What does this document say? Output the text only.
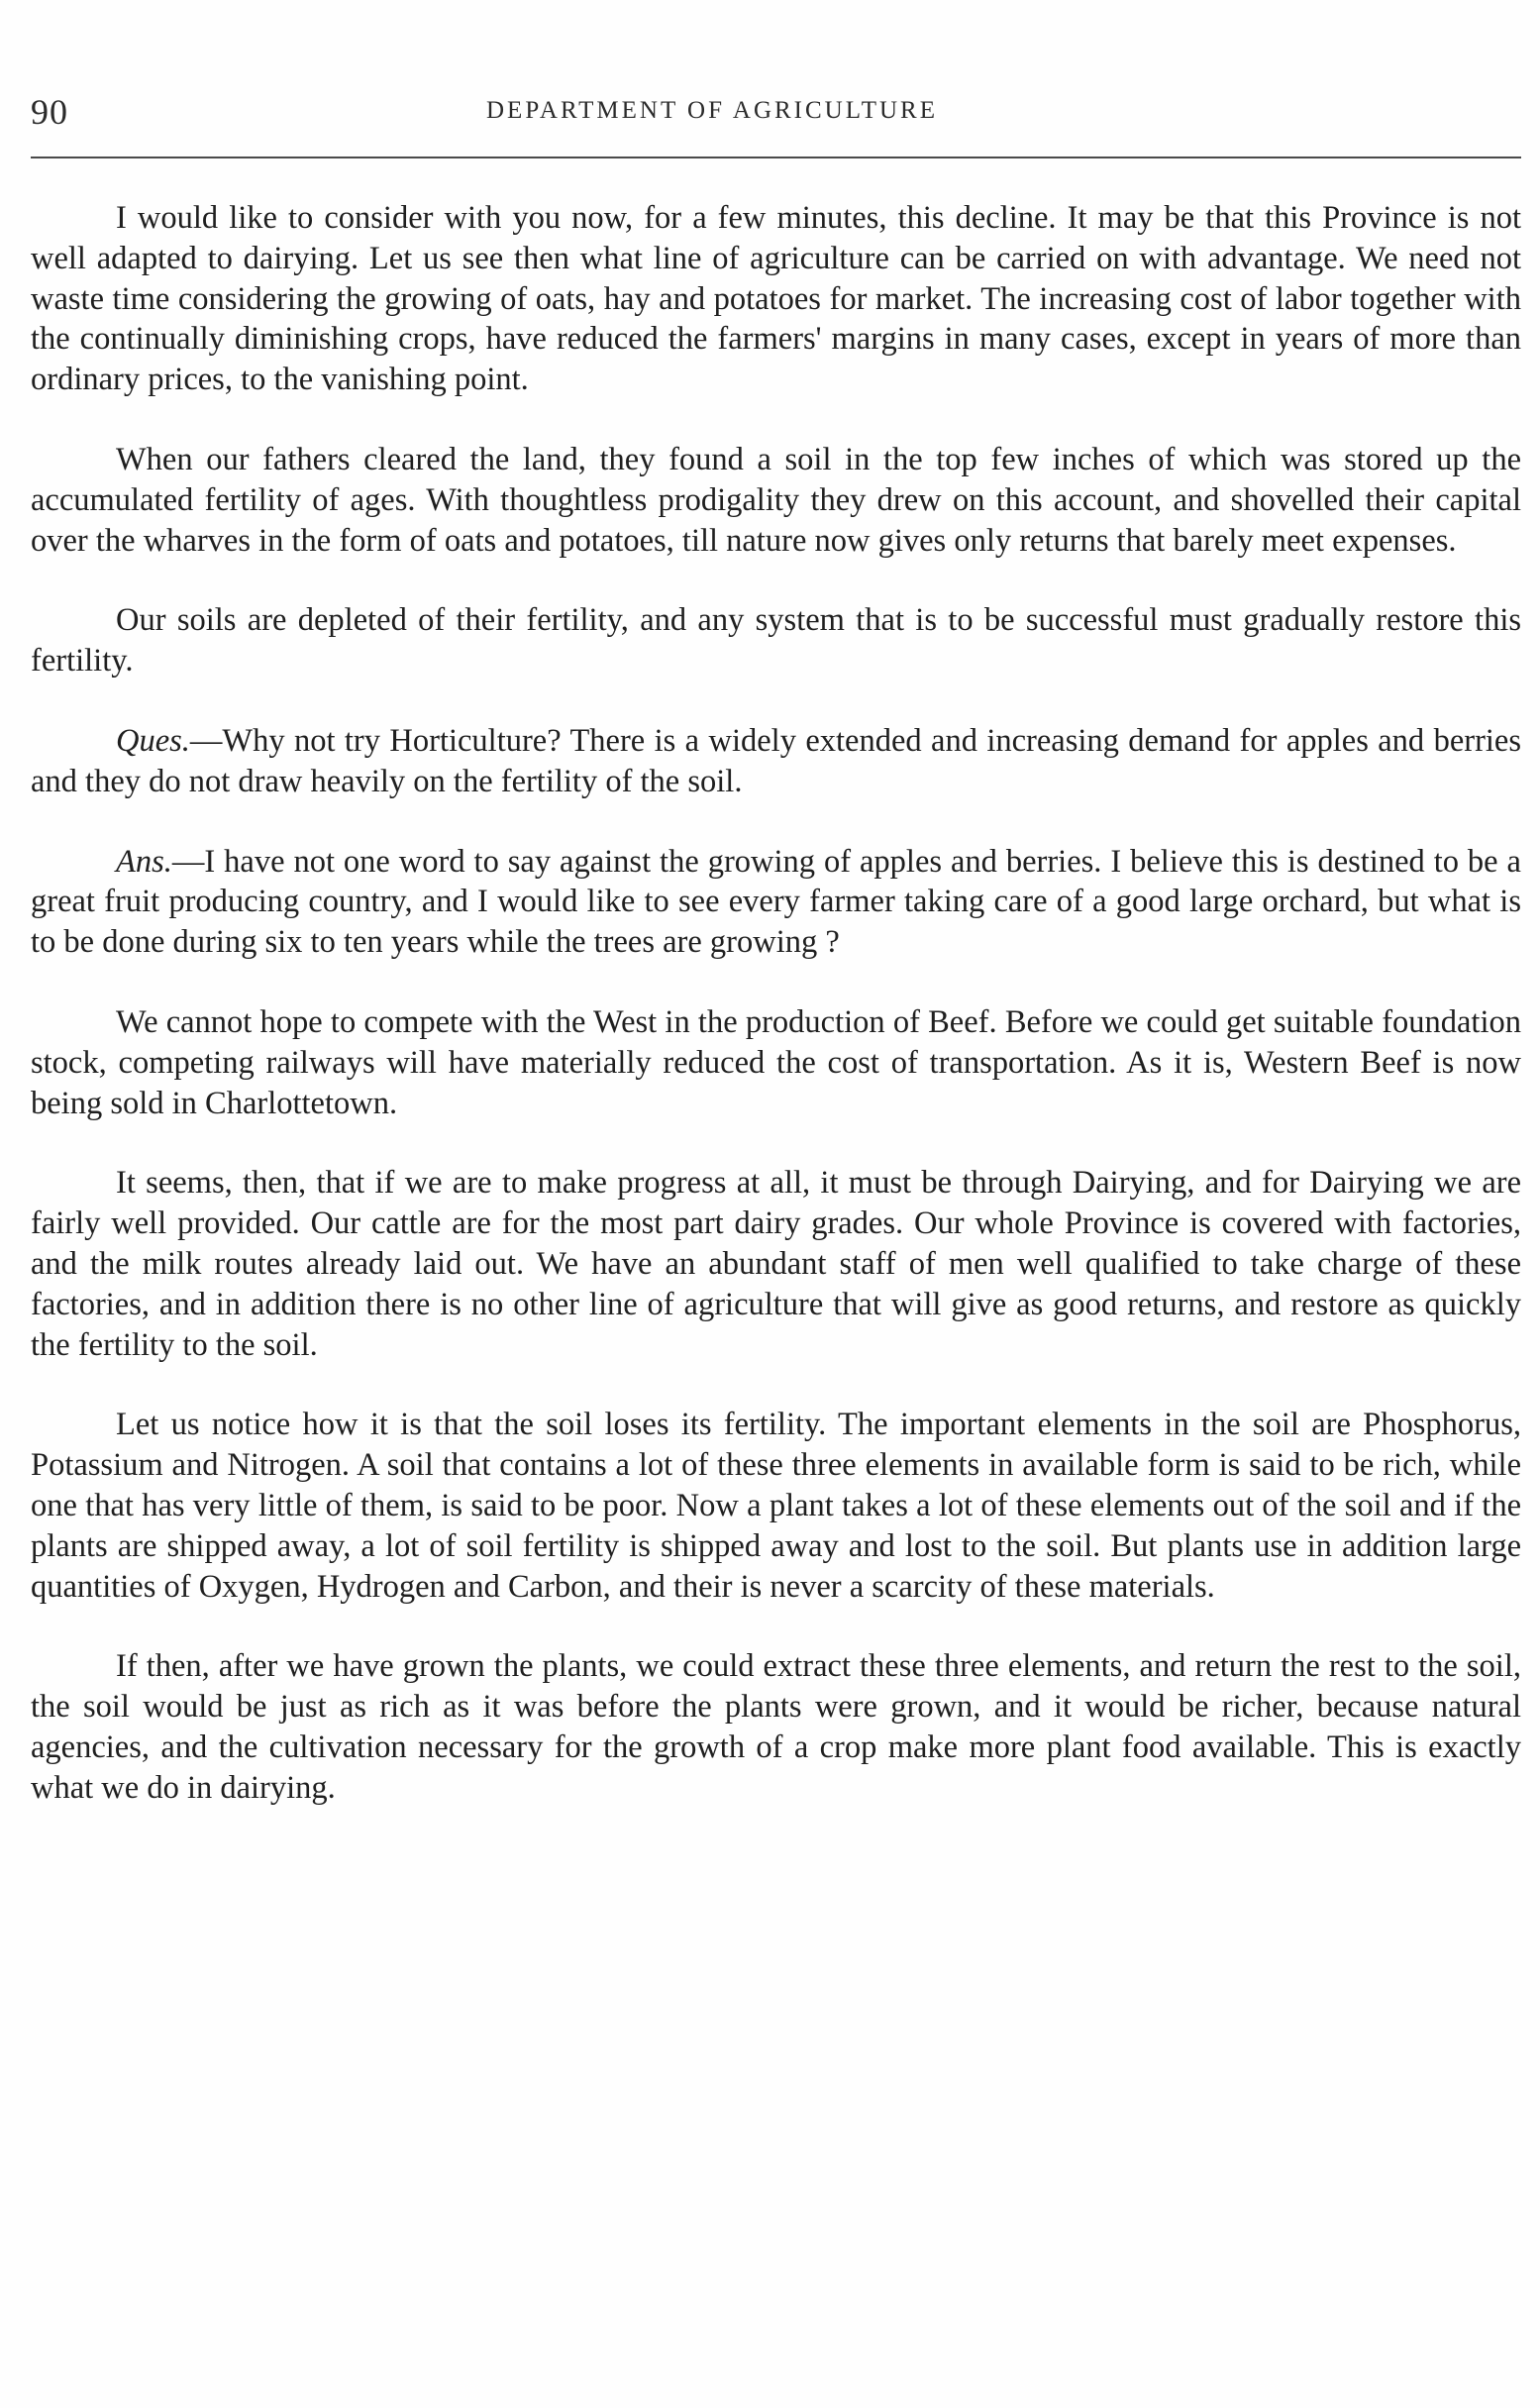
90	DEPARTMENT OF AGRICULTURE

I would like to consider with you now, for a few minutes, this decline. It may be that this Province is not well adapted to dairying. Let us see then what line of agriculture can be carried on with advantage. We need not waste time considering the growing of oats, hay and potatoes for market. The increasing cost of labor together with the continually diminishing crops, have reduced the farmers' margins in many cases, except in years of more than ordinary prices, to the vanishing point.

When our fathers cleared the land, they found a soil in the top few inches of which was stored up the accumulated fertility of ages. With thoughtless prodigality they drew on this account, and shovelled their capital over the wharves in the form of oats and potatoes, till nature now gives only returns that barely meet expenses.

Our soils are depleted of their fertility, and any system that is to be successful must gradually restore this fertility.

Ques.—Why not try Horticulture? There is a widely extended and increasing demand for apples and berries and they do not draw heavily on the fertility of the soil.

Ans.—I have not one word to say against the growing of apples and berries. I believe this is destined to be a great fruit producing country, and I would like to see every farmer taking care of a good large orchard, but what is to be done during six to ten years while the trees are growing ?

We cannot hope to compete with the West in the production of Beef. Before we could get suitable foundation stock, competing railways will have materially reduced the cost of transportation. As it is, Western Beef is now being sold in Charlottetown.

It seems, then, that if we are to make progress at all, it must be through Dairying, and for Dairying we are fairly well provided. Our cattle are for the most part dairy grades. Our whole Province is covered with factories, and the milk routes already laid out. We have an abundant staff of men well qualified to take charge of these factories, and in addition there is no other line of agriculture that will give as good returns, and restore as quickly the fertility to the soil.

Let us notice how it is that the soil loses its fertility. The important elements in the soil are Phosphorus, Potassium and Nitrogen. A soil that contains a lot of these three elements in available form is said to be rich, while one that has very little of them, is said to be poor. Now a plant takes a lot of these elements out of the soil and if the plants are shipped away, a lot of soil fertility is shipped away and lost to the soil. But plants use in addition large quantities of Oxygen, Hydrogen and Carbon, and their is never a scarcity of these materials.

If then, after we have grown the plants, we could extract these three elements, and return the rest to the soil, the soil would be just as rich as it was before the plants were grown, and it would be richer, because natural agencies, and the cultivation necessary for the growth of a crop make more plant food available. This is exactly what we do in dairying.
